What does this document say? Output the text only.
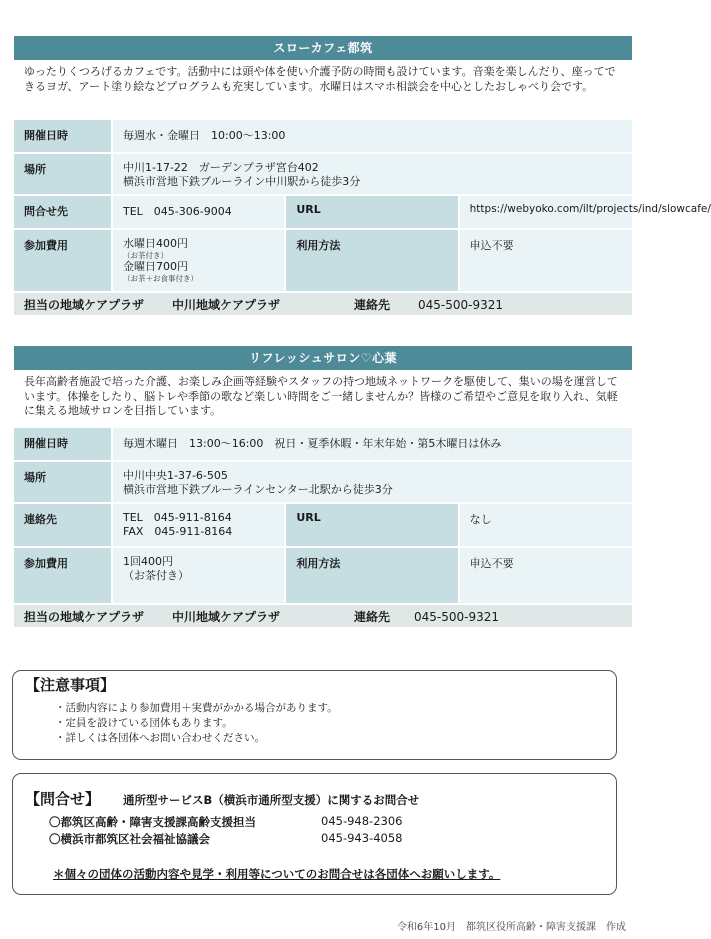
スローカフェ都筑
ゆったりくつろげるカフェです。活動中には頭や体を使い介護予防の時間も設けています。音楽を楽しんだり、座ってできるヨガ、アート塗り絵などプログラムも充実しています。水曜日はスマホ相談会を中心としたおしゃべり会です。
開催日時	毎週水・金曜日　10:00〜13:00		
場所	中川1-17-22　ガーデンプラザ宮台402
横浜市営地下鉄ブルーライン中川駅から徒歩3分		

問合せ先	TEL　045-306-9004	URL	https://webyoko.com/ilt/projects/ind/slowcafe/
参加費用	水曜日400円
（お茶付き）
金曜日700円
（お茶＋お食事付き）	利用方法	申込不要
担当の地域ケアプラザ 中川地域ケアプラザ	連絡先 045-500-9321
リフレッシュサロン♡心葉
長年高齢者施設で培った介護、お楽しみ企画等経験やスタッフの持つ地域ネットワークを駆使して、集いの場を運営しています。体操をしたり、脳トレや季節の歌など楽しい時間をご一緒しませんか？皆様のご希望やご意見を取り入れ、気軽に集える地域サロンを目指しています。
開催日時	毎週木曜日　13:00〜16:00　祝日・夏季休暇・年末年始・第5木曜日は休み		
場所	中川中央1-37-6-505
横浜市営地下鉄ブルーラインセンター北駅から徒歩3分		

連絡先	TEL　045-911-8164
FAX　045-911-8164	URL	なし
参加費用	1回400円
（お茶付き）	利用方法	申込不要
担当の地域ケアプラザ 中川地域ケアプラザ	連絡先 045-500-9321
【注意事項】
・活動内容により参加費用＋実費がかかる場合があります。
・定員を設けている団体もあります。
・詳しくは各団体へお問い合わせください。
【問合せ】 通所型サービスB（横浜市通所型支援）に関するお問合せ
〇都筑区高齢・障害支援課高齢支援担当	045-948-2306
〇横浜市都筑区社会福祉協議会	045-943-4058
＊個々の団体の活動内容や見学・利用等についてのお問合せは各団体へお願いします。
令和6年10月　都筑区役所高齢・障害支援課　作成
